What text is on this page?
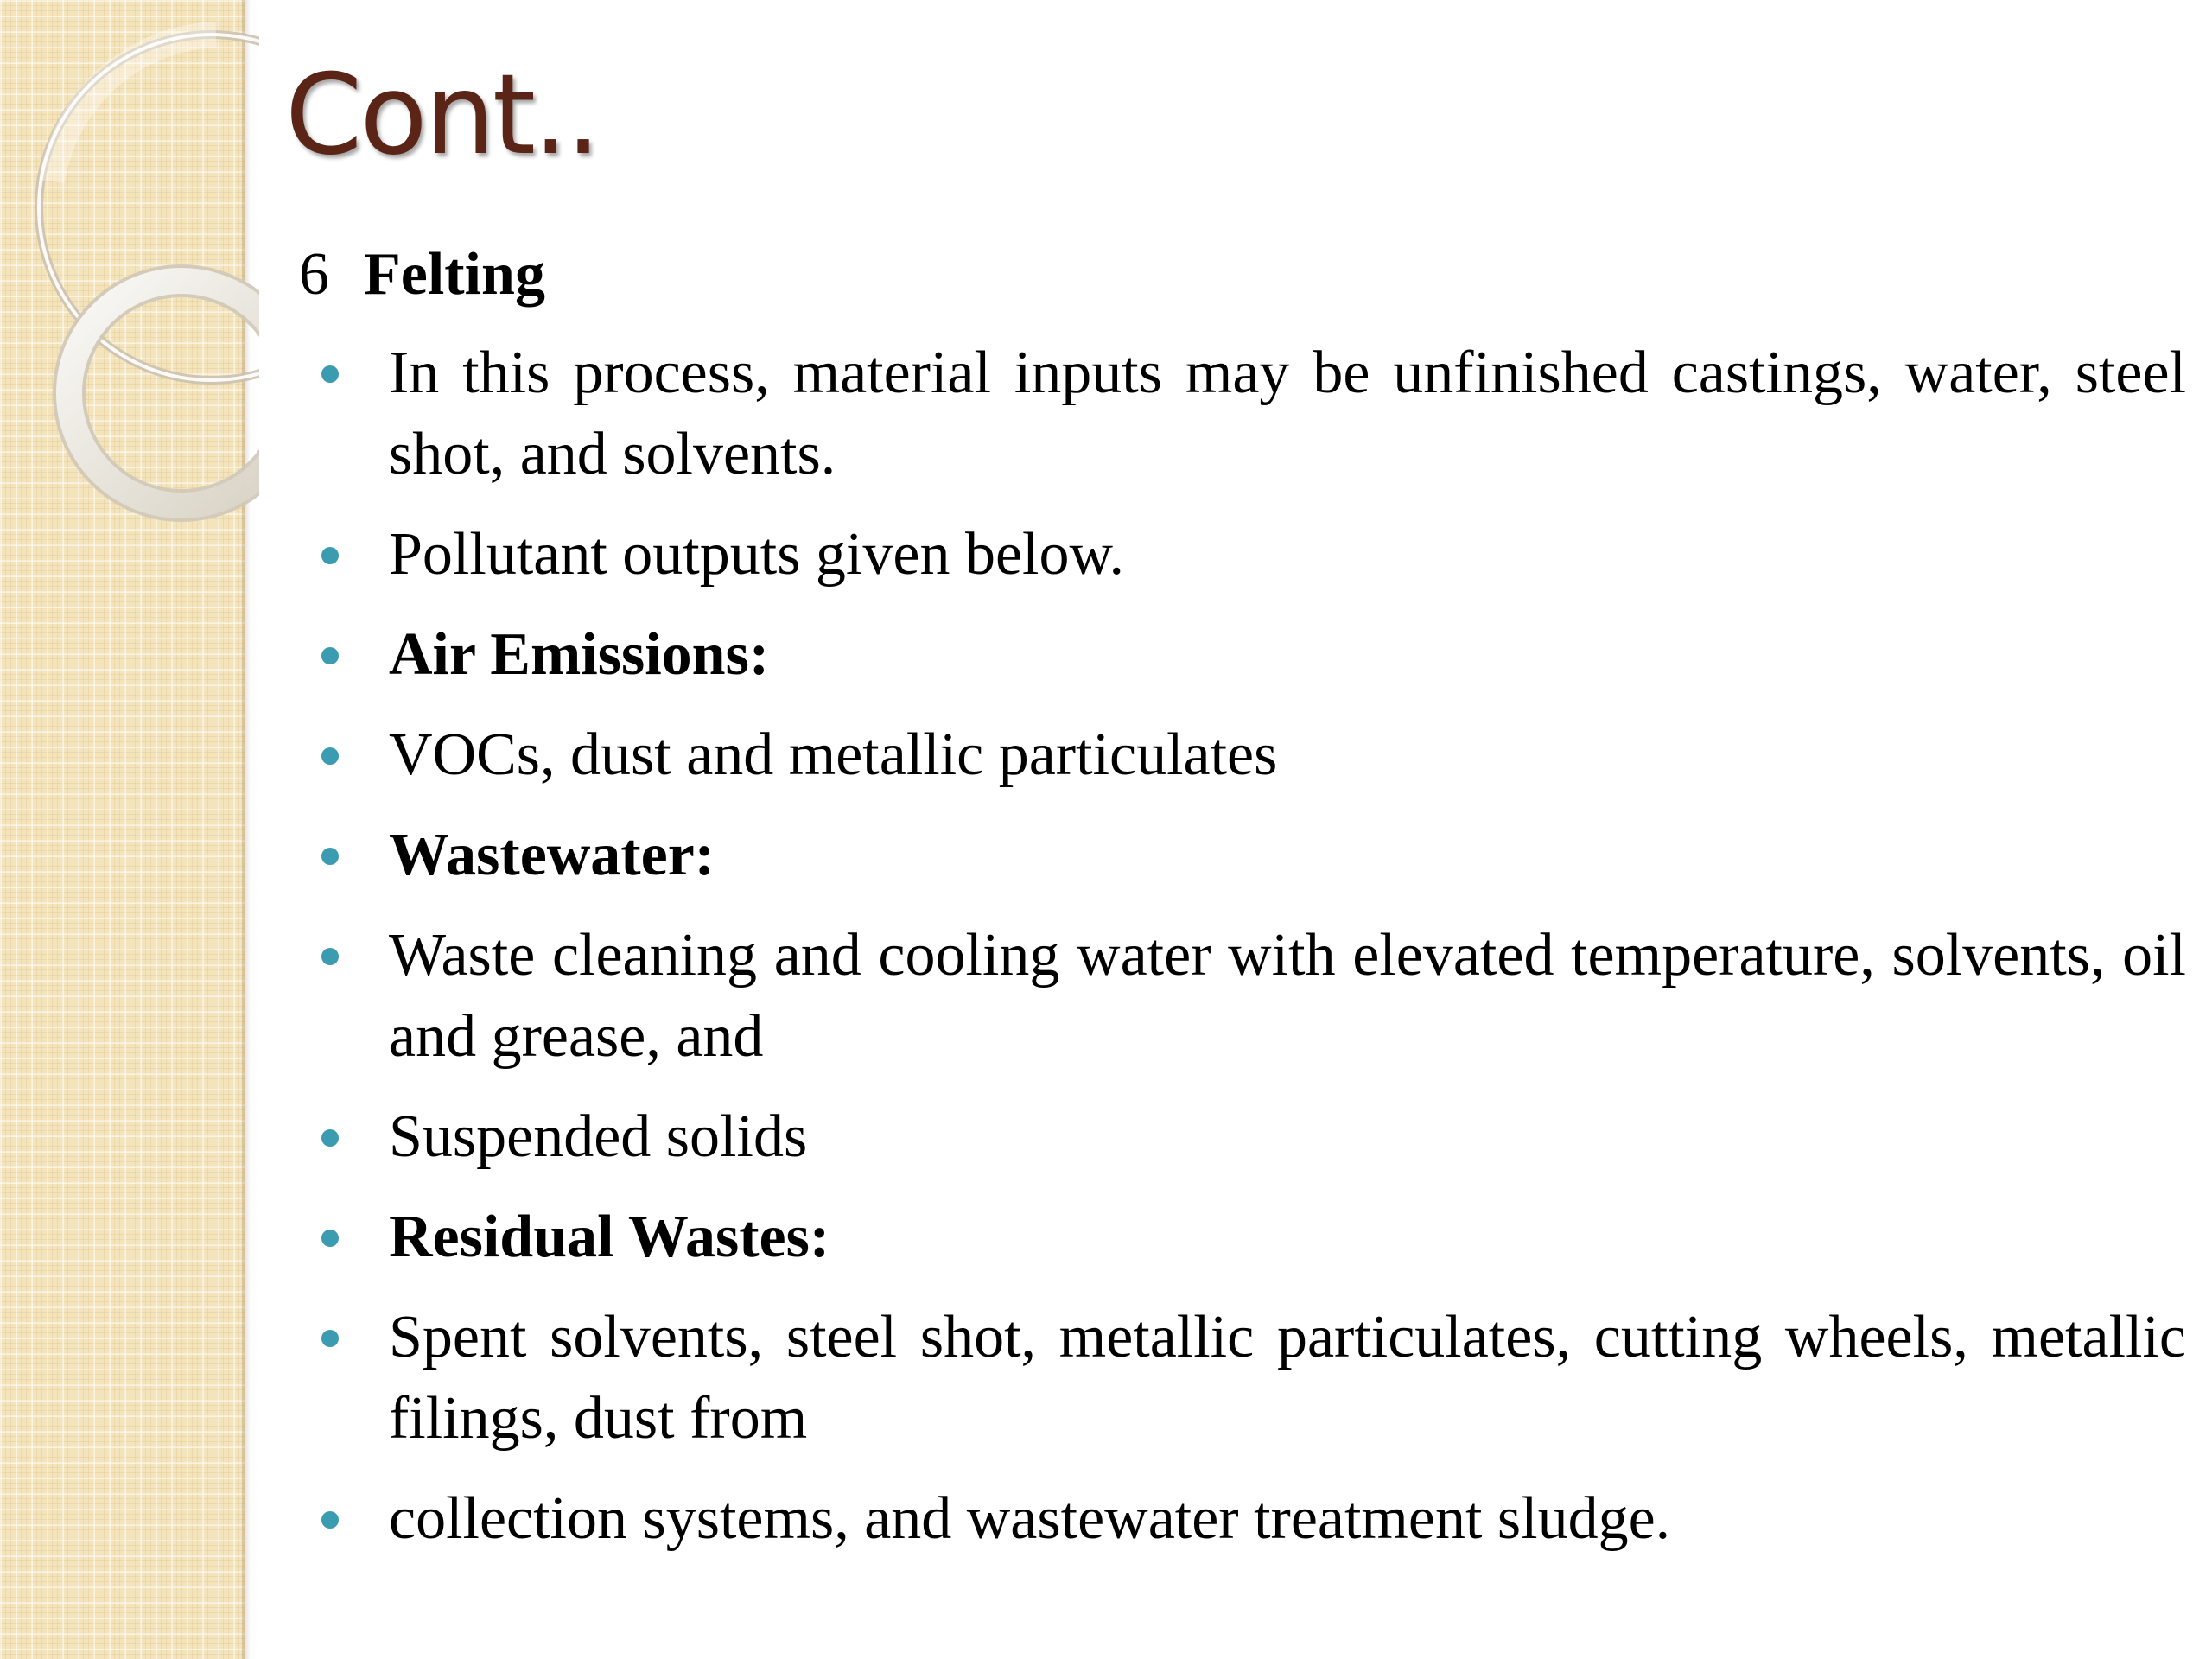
Cont..
6 Felting
In this process, material inputs may be unfinished castings, water, steel shot, and solvents.
Pollutant outputs given below.
Air Emissions:
VOCs, dust and metallic particulates
Wastewater:
Waste cleaning and cooling water with elevated temperature, solvents, oil and grease, and
Suspended solids
Residual Wastes:
Spent solvents, steel shot, metallic particulates, cutting wheels, metallic filings, dust from
collection systems, and wastewater treatment sludge.
